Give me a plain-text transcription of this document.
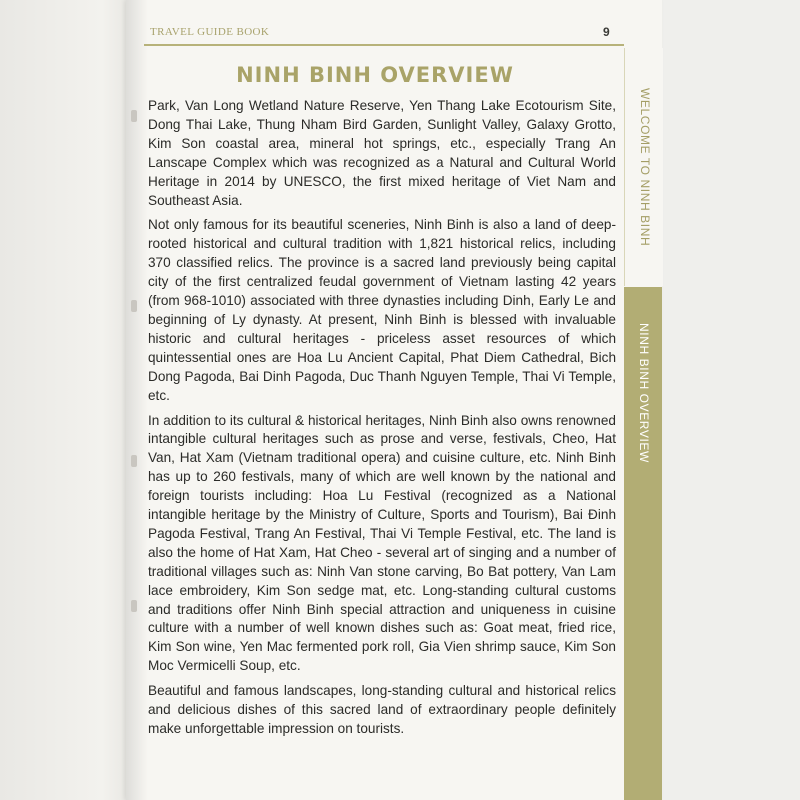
TRAVEL GUIDE BOOK	9
WELCOME TO NINH BINH
NINH BINH OVERVIEW
NINH BINH OVERVIEW

Park, Van Long Wetland Nature Reserve, Yen Thang Lake Ecotourism Site, Dong Thai Lake, Thung Nham Bird Garden, Sunlight Valley, Galaxy Grotto, Kim Son coastal area, mineral hot springs, etc., especially Trang An Lanscape Complex which was recognized as a Natural and Cultural World Heritage in 2014 by UNESCO, the first mixed heritage of Viet Nam and Southeast Asia.

Not only famous for its beautiful sceneries, Ninh Binh is also a land of deep-rooted historical and cultural tradition with 1,821 historical relics, including 370 classified relics. The province is a sacred land previously being capital city of the first centralized feudal government of Vietnam lasting 42 years (from 968-1010) associated with three dynasties including Dinh, Early Le and beginning of Ly dynasty. At present, Ninh Binh is blessed with invaluable historic and cultural heritages - priceless asset resources of which quintessential ones are Hoa Lu Ancient Capital, Phat Diem Cathedral, Bich Dong Pagoda, Bai Dinh Pagoda, Duc Thanh Nguyen Temple, Thai Vi Temple, etc.

In addition to its cultural & historical heritages, Ninh Binh also owns renowned intangible cultural heritages such as prose and verse, festivals, Cheo, Hat Van, Hat Xam (Vietnam traditional opera) and cuisine culture, etc. Ninh Binh has up to 260 festivals, many of which are well known by the national and foreign tourists including: Hoa Lu Festival (recognized as a National intangible heritage by the Ministry of Culture, Sports and Tourism), Bai Đinh Pagoda Festival, Trang An Festival, Thai Vi Temple Festival, etc. The land is also the home of Hat Xam, Hat Cheo - several art of singing and a number of traditional villages such as: Ninh Van stone carving, Bo Bat pottery, Van Lam lace embroidery, Kim Son sedge mat, etc. Long-standing cultural customs and traditions offer Ninh Binh special attraction and uniqueness in cuisine culture with a number of well known dishes such as: Goat meat, fried rice, Kim Son wine, Yen Mac fermented pork roll, Gia Vien shrimp sauce, Kim Son Moc Vermicelli Soup, etc.

Beautiful and famous landscapes, long-standing cultural and historical relics and delicious dishes of this sacred land of extraordinary people definitely make unforgettable impression on tourists.
